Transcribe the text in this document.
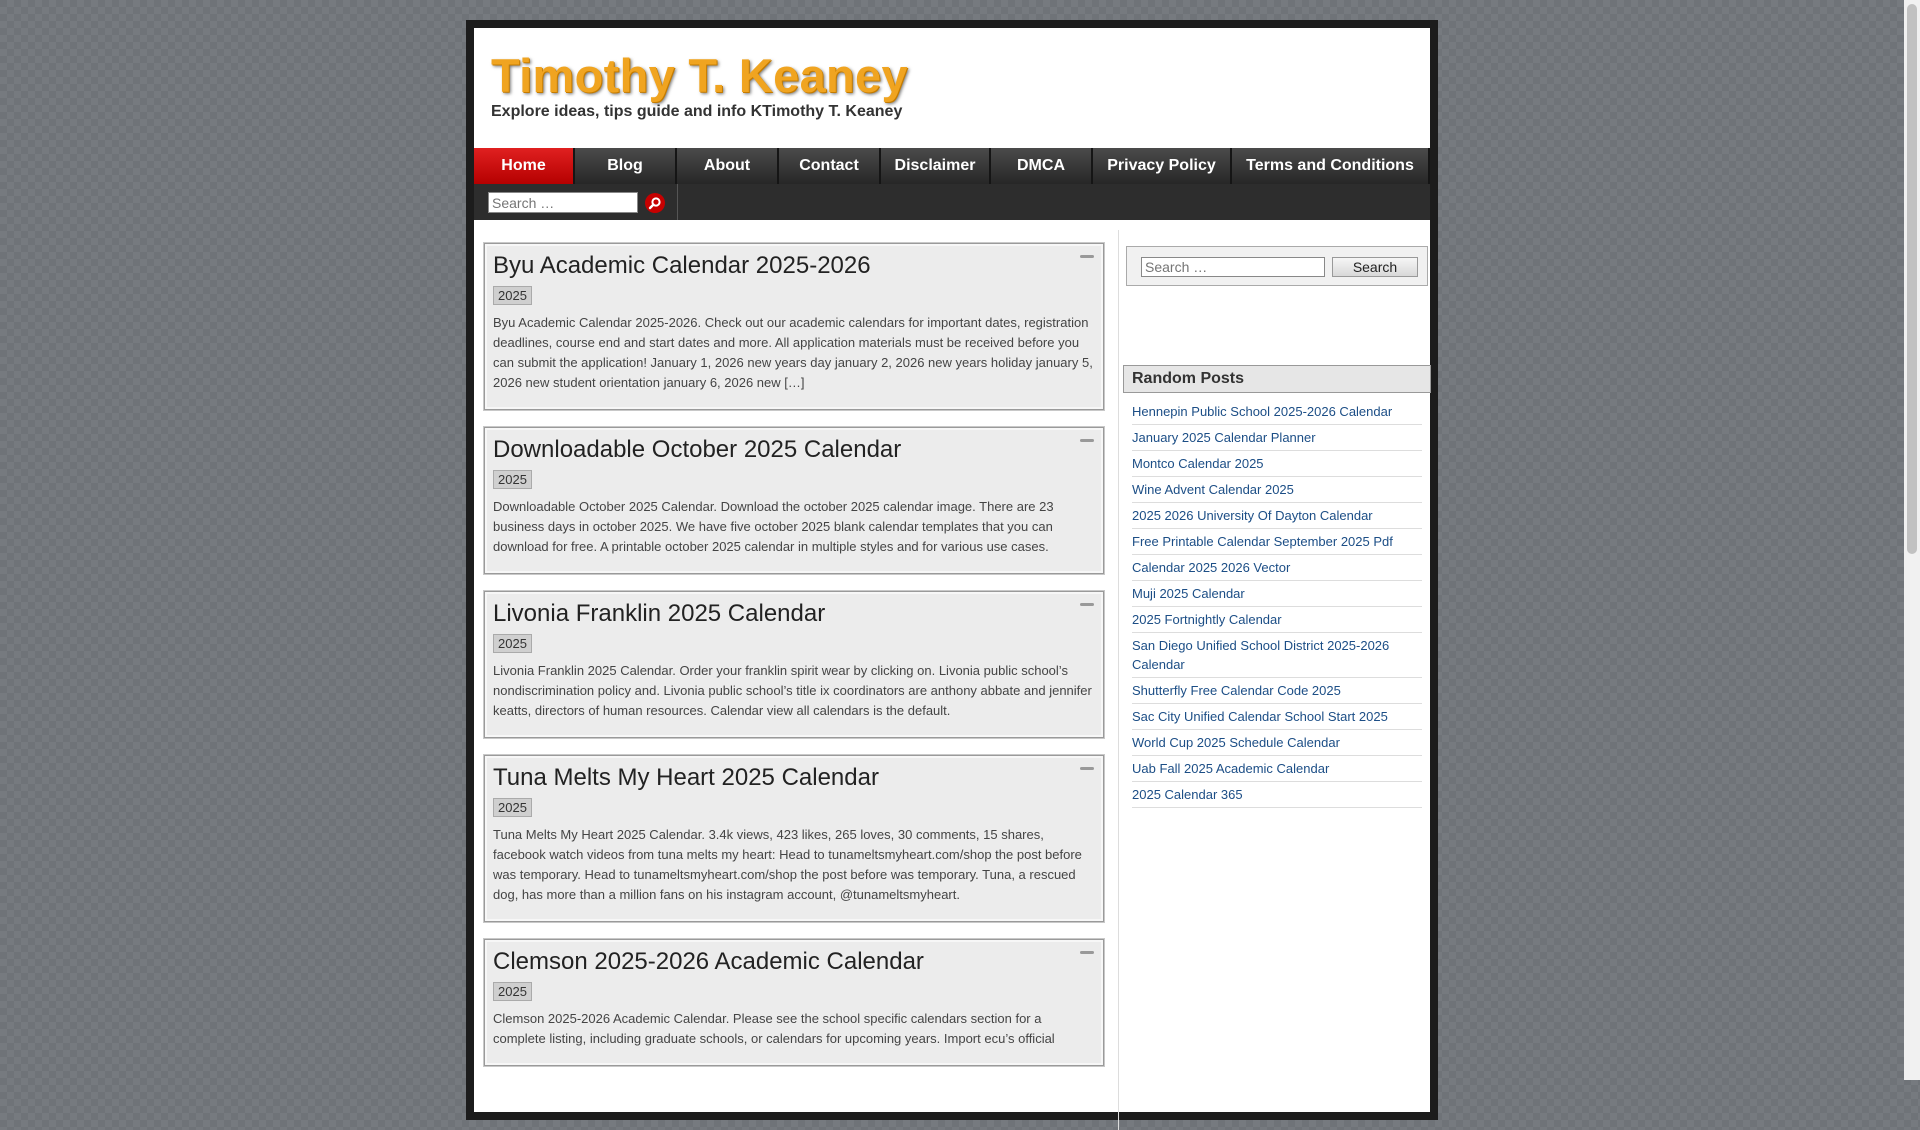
Timothy T. Keaney

Explore ideas, tips guide and info KTimothy T. Keaney

Home	Blog	About	Contact	Disclaimer	DMCA	Privacy Policy	Terms and Conditions
Search …
Byu Academic Calendar 2025-2026
2025

Byu Academic Calendar 2025-2026. Check out our academic calendars for important dates, registration deadlines, course end and start dates and more. All application materials must be received before you can submit the application! January 1, 2026 new years day january 2, 2026 new years holiday january 5, 2026 new student orientation january 6, 2026 new […]

Downloadable October 2025 Calendar
2025

Downloadable October 2025 Calendar. Download the october 2025 calendar image. There are 23 business days in october 2025. We have five october 2025 blank calendar templates that you can download for free. A printable october 2025 calendar in multiple styles and for various use cases.

Livonia Franklin 2025 Calendar
2025

Livonia Franklin 2025 Calendar. Order your franklin spirit wear by clicking on. Livonia public school’s nondiscrimination policy and. Livonia public school’s title ix coordinators are anthony abbate and jennifer keatts, directors of human resources. Calendar view all calendars is the default.

Tuna Melts My Heart 2025 Calendar
2025

Tuna Melts My Heart 2025 Calendar. 3.4k views, 423 likes, 265 loves, 30 comments, 15 shares, facebook watch videos from tuna melts my heart: Head to tunameltsmyheart.com/shop the post before was temporary. Head to tunameltsmyheart.com/shop the post before was temporary. Tuna, a rescued dog, has more than a million fans on his instagram account, @tunameltsmyheart.

Clemson 2025-2026 Academic Calendar
2025

Clemson 2025-2026 Academic Calendar. Please see the school specific calendars section for a complete listing, including graduate schools, or calendars for upcoming years. Import ecu’s official

Search …
Search
Random Posts
Hennepin Public School 2025-2026 Calendar
January 2025 Calendar Planner
Montco Calendar 2025
Wine Advent Calendar 2025
2025 2026 University Of Dayton Calendar
Free Printable Calendar September 2025 Pdf
Calendar 2025 2026 Vector
Muji 2025 Calendar
2025 Fortnightly Calendar
San Diego Unified School District 2025-2026 Calendar
Shutterfly Free Calendar Code 2025
Sac City Unified Calendar School Start 2025
World Cup 2025 Schedule Calendar
Uab Fall 2025 Academic Calendar
2025 Calendar 365
